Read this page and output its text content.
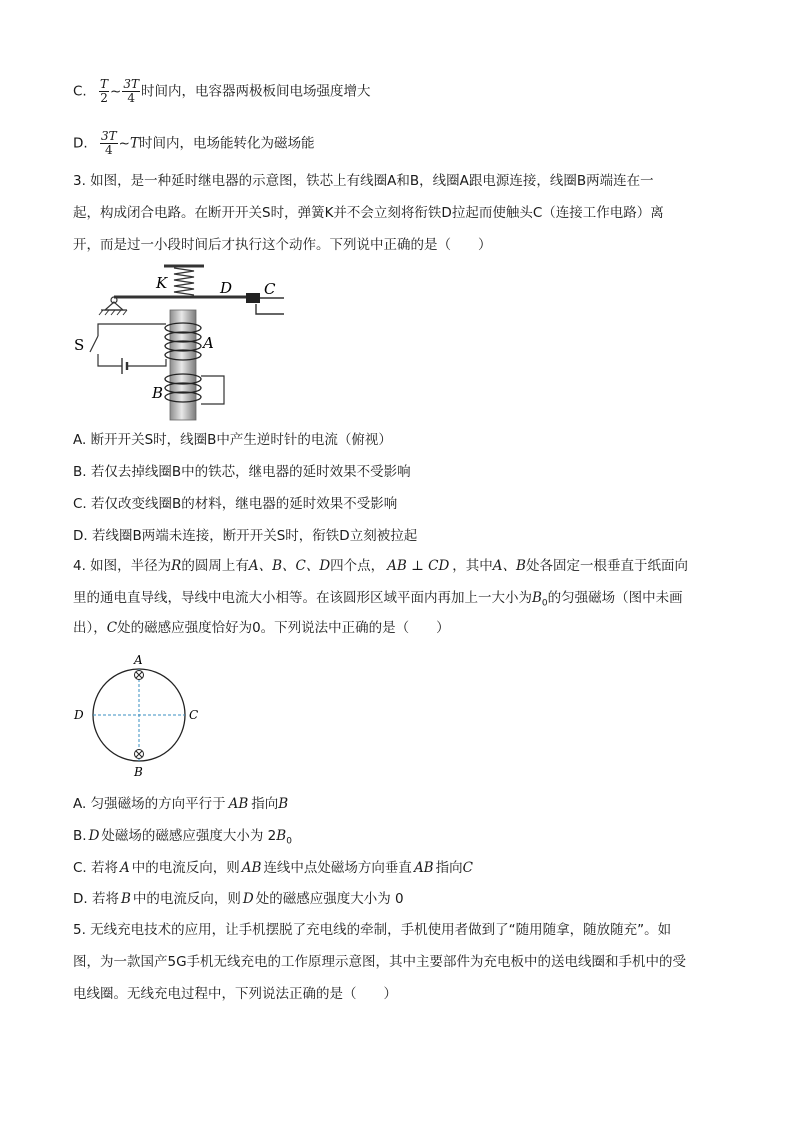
C. $\frac{T}{2}$ ~ $\frac{3T}{4}$ 时间内，电容器两极板间电场强度增大
D. $\frac{3T}{4}$ ~T时间内，电场能转化为磁场能
3. 如图，是一种延时继电器的示意图，铁芯上有线圈A和B，线圈A跟电源连接，线圈B两端连在一
起，构成闭合电路。在断开开关S时，弹簧K并不会立刻将衔铁D拉起而使触头C（连接工作电路）离
开，而是过一小段时间后才执行这个动作。下列说中正确的是（　　）
K	D C
A
S
B
A. 断开开关S时，线圈B中产生逆时针的电流（俯视）
B. 若仅去掉线圈B中的铁芯，继电器的延时效果不受影响
C. 若仅改变线圈B的材料，继电器的延时效果不受影响
D. 若线圈B两端未连接，断开开关S时，衔铁D立刻被拉起
4. 如图，半径为R的圆周上有A、B、C、D四个点， AB ⊥ CD ，其中A、B处各固定一根垂直于纸面向
里的通电直导线，导线中电流大小相等。在该圆形区域平面内再加上一大小为$B_0$的匀强磁场（图中未画
出），C处的磁感应强度恰好为0。下列说法中正确的是（　　）
A
B
D	C
A. 匀强磁场的方向平行于 AB 指向B
B. D 处磁场的磁感应强度大小为 $2B_0$
C. 若将 A 中的电流反向，则 AB 连线中点处磁场方向垂直 AB 指向C
D. 若将 B 中的电流反向，则 D 处的磁感应强度大小为 0
5. 无线充电技术的应用，让手机摆脱了充电线的牵制，手机使用者做到了“随用随拿，随放随充”。如
图，为一款国产5G手机无线充电的工作原理示意图，其中主要部件为充电板中的送电线圈和手机中的受
电线圈。无线充电过程中，下列说法正确的是（　　）
